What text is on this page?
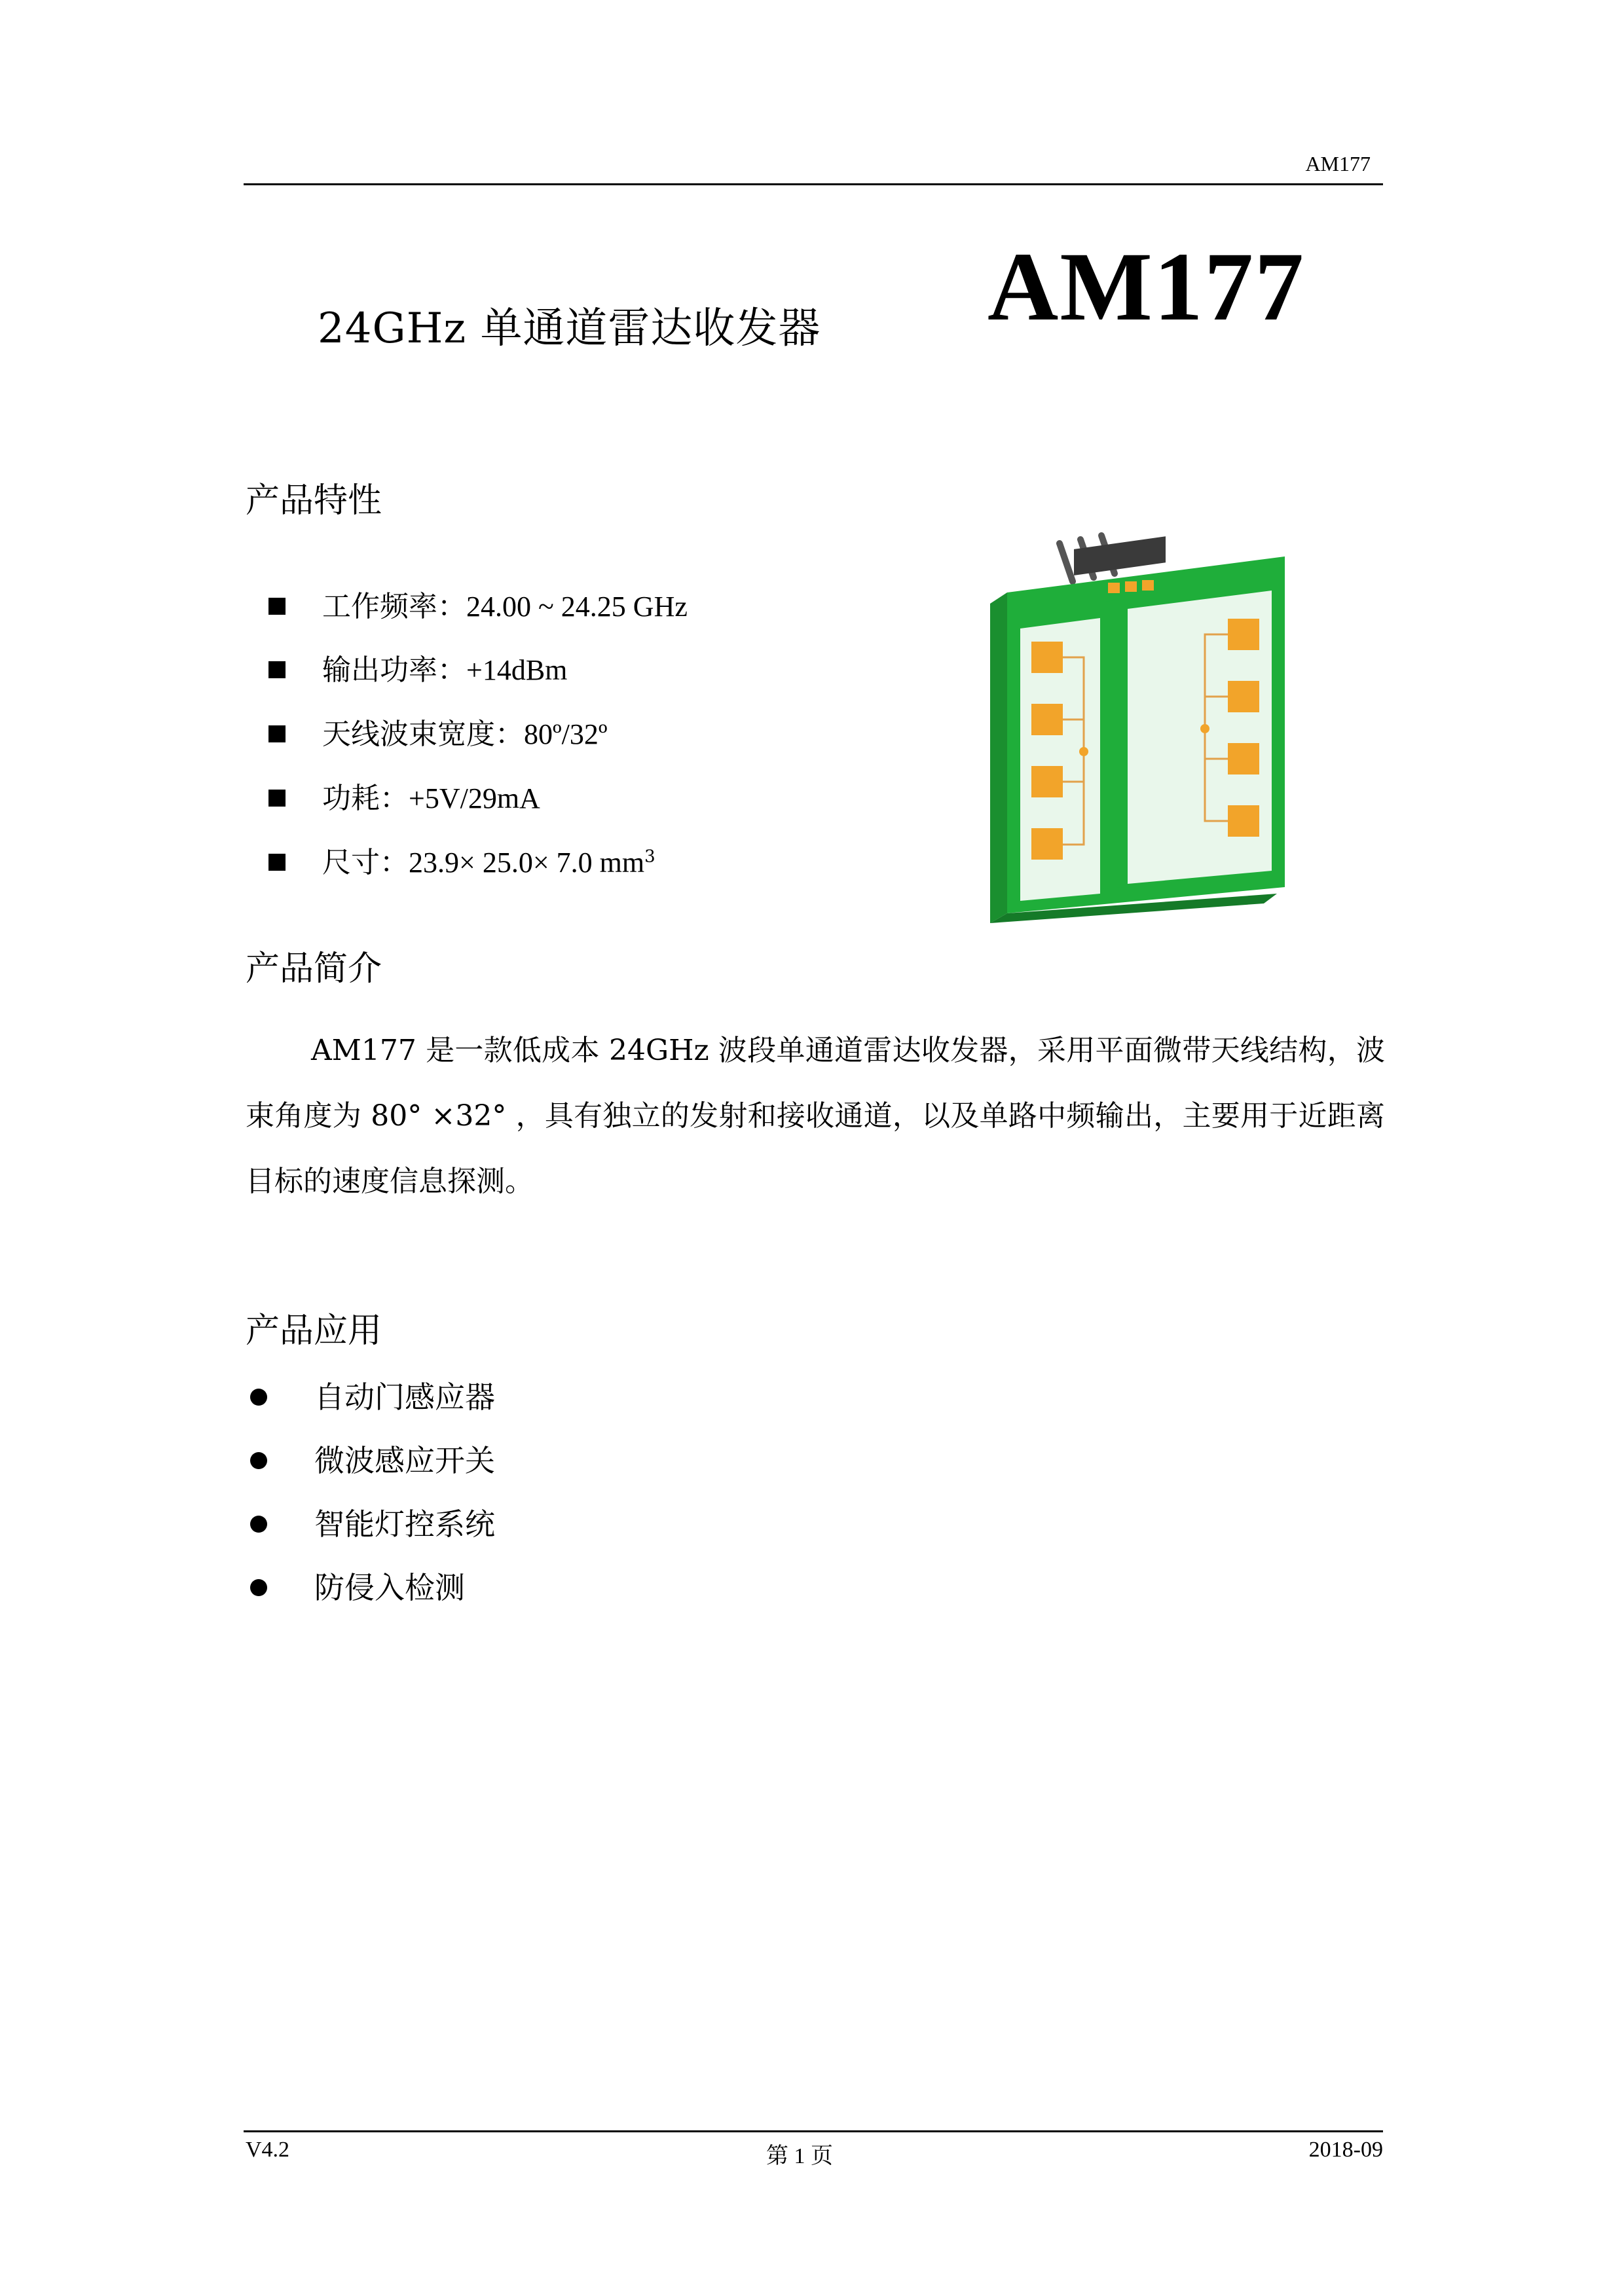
AM177
24GHz 单通道雷达收发器 AM177
产品特性
工作频率：24.00 ~ 24.25 GHz
输出功率：+14dBm
天线波束宽度：80º/32º
功耗：+5V/29mA
尺寸：23.9× 25.0× 7.0 $mm^3$
产品简介

AM177 是一款低成本 24GHz 波段单通道雷达收发器，采用平面微带天线结构，波束角度为 80° ×32° ，具有独立的发射和接收通道，以及单路中频输出，主要用于近距离目标的速度信息探测。

产品应用
自动门感应器
微波感应开关
智能灯控系统
防侵入检测
V4.2	第 1 页	2018-09
